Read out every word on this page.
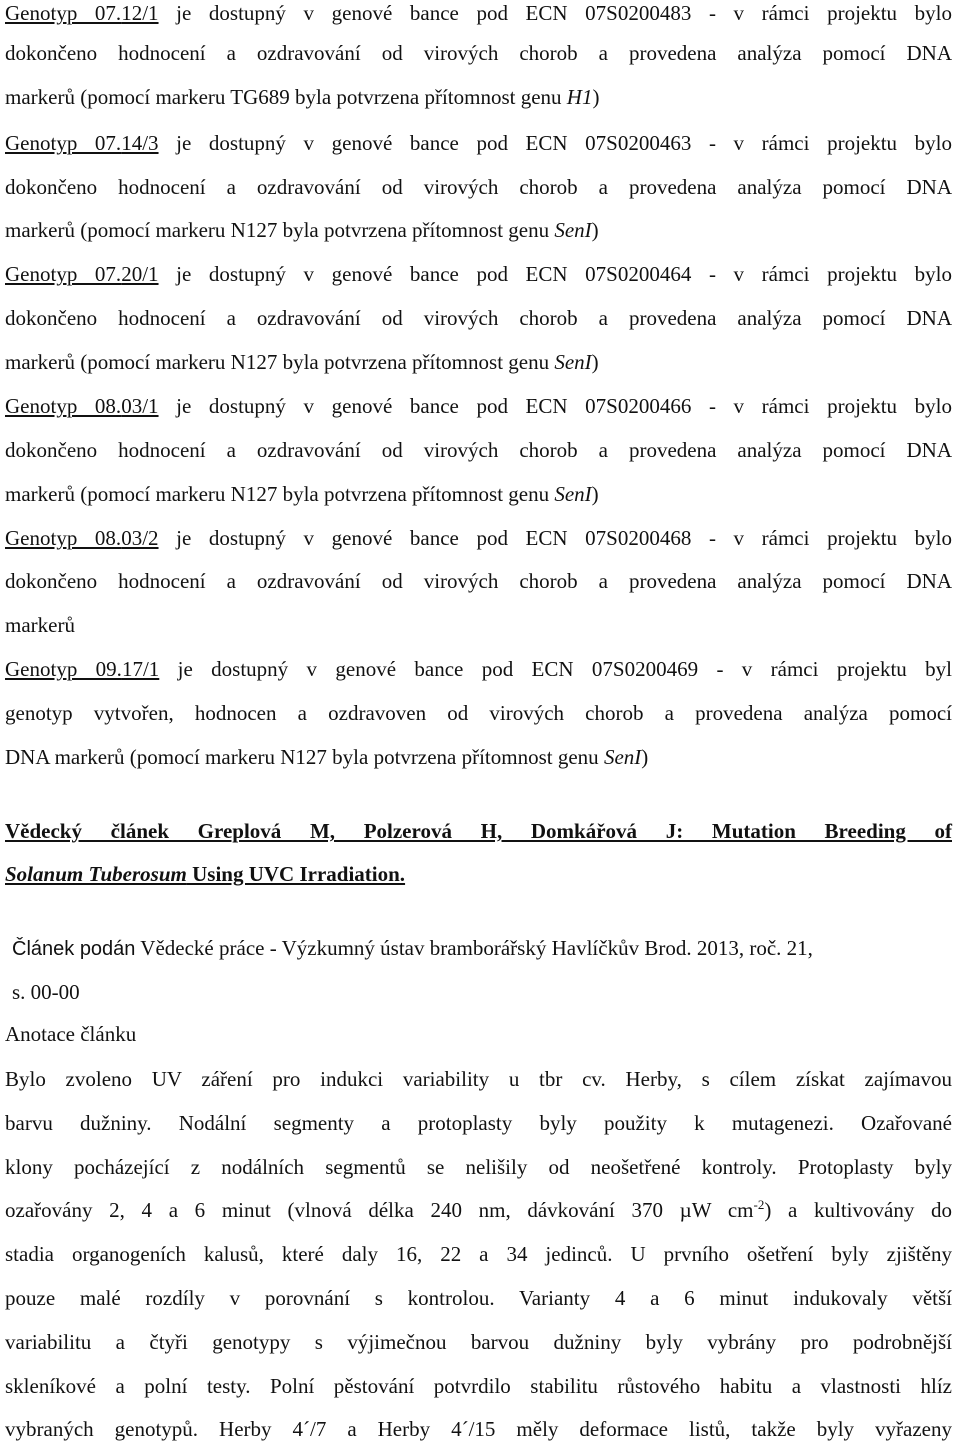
Genotyp 07.12/1 je dostupný v genové bance pod ECN 07S0200483 - v rámci projektu bylo
dokončeno hodnocení a ozdravování od virových chorob a provedena analýza pomocí DNA
markerů (pomocí markeru TG689 byla potvrzena přítomnost genu H1)
Genotyp 07.14/3 je dostupný v genové bance pod ECN 07S0200463 - v rámci projektu bylo
dokončeno hodnocení a ozdravování od virových chorob a provedena analýza pomocí DNA
markerů (pomocí markeru N127 byla potvrzena přítomnost genu SenI)
Genotyp 07.20/1 je dostupný v genové bance pod ECN 07S0200464 - v rámci projektu bylo
dokončeno hodnocení a ozdravování od virových chorob a provedena analýza pomocí DNA
markerů (pomocí markeru N127 byla potvrzena přítomnost genu SenI)
Genotyp 08.03/1 je dostupný v genové bance pod ECN 07S0200466 - v rámci projektu bylo
dokončeno hodnocení a ozdravování od virových chorob a provedena analýza pomocí DNA
markerů (pomocí markeru N127 byla potvrzena přítomnost genu SenI)
Genotyp 08.03/2 je dostupný v genové bance pod ECN 07S0200468 - v rámci projektu bylo
dokončeno hodnocení a ozdravování od virových chorob a provedena analýza pomocí DNA
markerů
Genotyp 09.17/1 je dostupný v genové bance pod ECN 07S0200469 - v rámci projektu byl
genotyp vytvořen, hodnocen a ozdravoven od virových chorob a provedena analýza pomocí
DNA markerů (pomocí markeru N127 byla potvrzena přítomnost genu SenI)
Vědecký článek Greplová M, Polzerová H, Domkářová J: Mutation Breeding of
Solanum Tuberosum Using UVC Irradiation.
Článek podán Vědecké práce - Výzkumný ústav bramborářský Havlíčkův Brod. 2013, roč. 21,
s. 00-00
Anotace článku
Bylo zvoleno UV záření pro indukci variability u tbr cv. Herby, s cílem získat zajímavou
barvu dužniny. Nodální segmenty a protoplasty byly použity k mutagenezi. Ozařované
klony pocházející z nodálních segmentů se nelišily od neošetřené kontroly. Protoplasty byly
ozařovány 2, 4 a 6 minut (vlnová délka 240 nm, dávkování 370 µW $cm^{-2}$) a kultivovány do
stadia organogeních kalusů, které daly 16, 22 a 34 jedinců. U prvního ošetření byly zjištěny
pouze malé rozdíly v porovnání s kontrolou. Varianty 4 a 6 minut indukovaly větší
variabilitu a čtyři genotypy s výjimečnou barvou dužniny byly vybrány pro podrobnější
skleníkové a polní testy. Polní pěstování potvrdilo stabilitu růstového habitu a vlastnosti hlíz
vybraných genotypů. Herby 4´/7 a Herby 4´/15 měly deformace listů, takže byly vyřazeny
